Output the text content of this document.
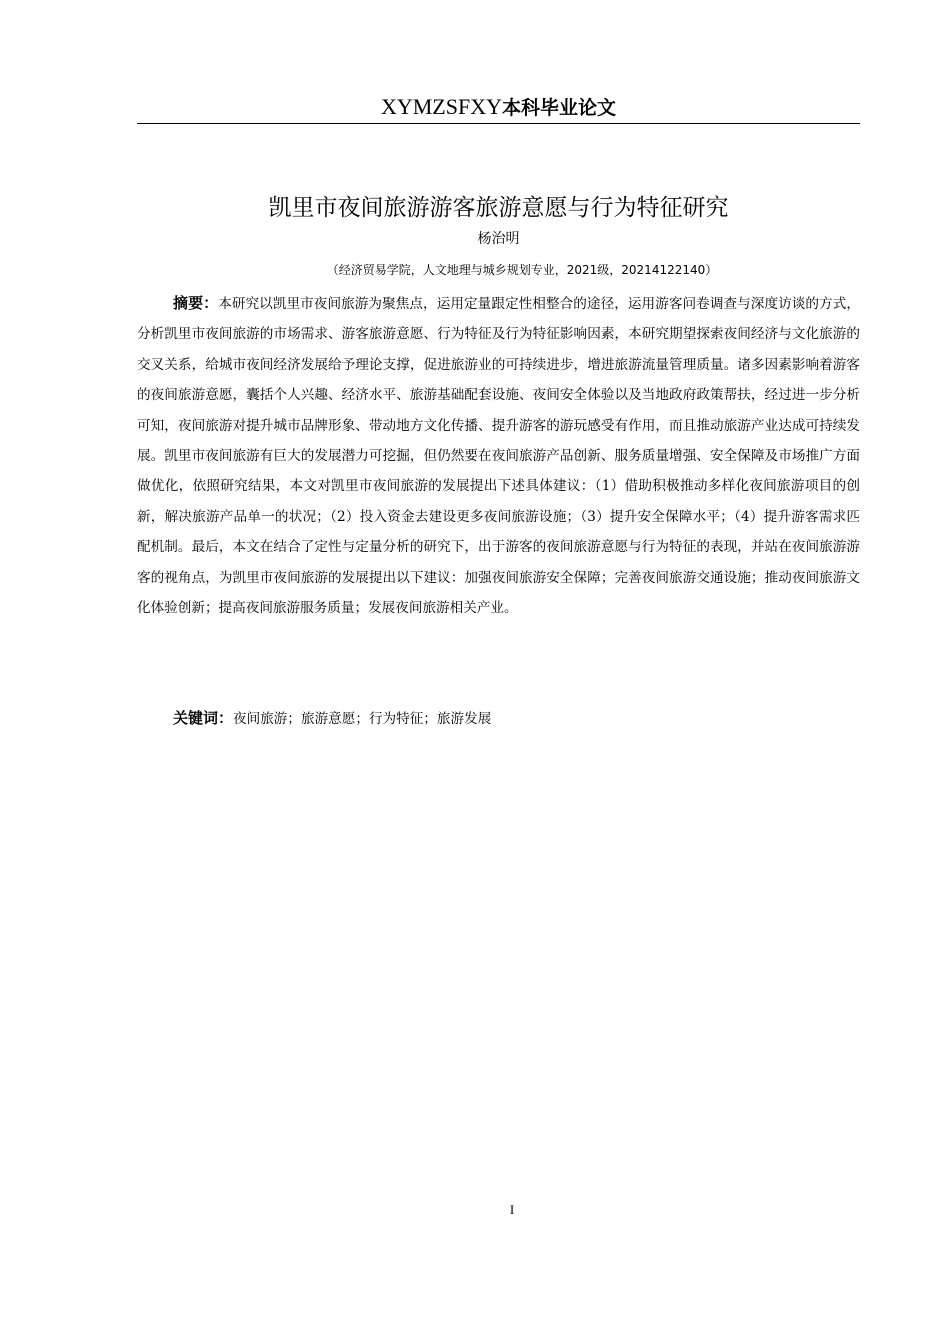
XYMZSFXY本科毕业论文
凯里市夜间旅游游客旅游意愿与行为特征研究
杨治明
（经济贸易学院，人文地理与城乡规划专业，2021级，20214122140）

摘要：本研究以凯里市夜间旅游为聚焦点，运用定量跟定性相整合的途径，运用游客问卷调查与深度访谈的方式，分析凯里市夜间旅游的市场需求、游客旅游意愿、行为特征及行为特征影响因素，本研究期望探索夜间经济与文化旅游的交叉关系，给城市夜间经济发展给予理论支撑，促进旅游业的可持续进步，增进旅游流量管理质量。诸多因素影响着游客的夜间旅游意愿，囊括个人兴趣、经济水平、旅游基础配套设施、夜间安全体验以及当地政府政策帮扶，经过进一步分析可知，夜间旅游对提升城市品牌形象、带动地方文化传播、提升游客的游玩感受有作用，而且推动旅游产业达成可持续发展。凯里市夜间旅游有巨大的发展潜力可挖掘，但仍然要在夜间旅游产品创新、服务质量增强、安全保障及市场推广方面做优化，依照研究结果，本文对凯里市夜间旅游的发展提出下述具体建议：（1）借助积极推动多样化夜间旅游项目的创新，解决旅游产品单一的状况；（2）投入资金去建设更多夜间旅游设施；（3）提升安全保障水平；（4）提升游客需求匹配机制。最后，本文在结合了定性与定量分析的研究下，出于游客的夜间旅游意愿与行为特征的表现，并站在夜间旅游游客的视角点，为凯里市夜间旅游的发展提出以下建议：加强夜间旅游安全保障；完善夜间旅游交通设施；推动夜间旅游文化体验创新；提高夜间旅游服务质量；发展夜间旅游相关产业。

关键词：夜间旅游；旅游意愿；行为特征；旅游发展

I
